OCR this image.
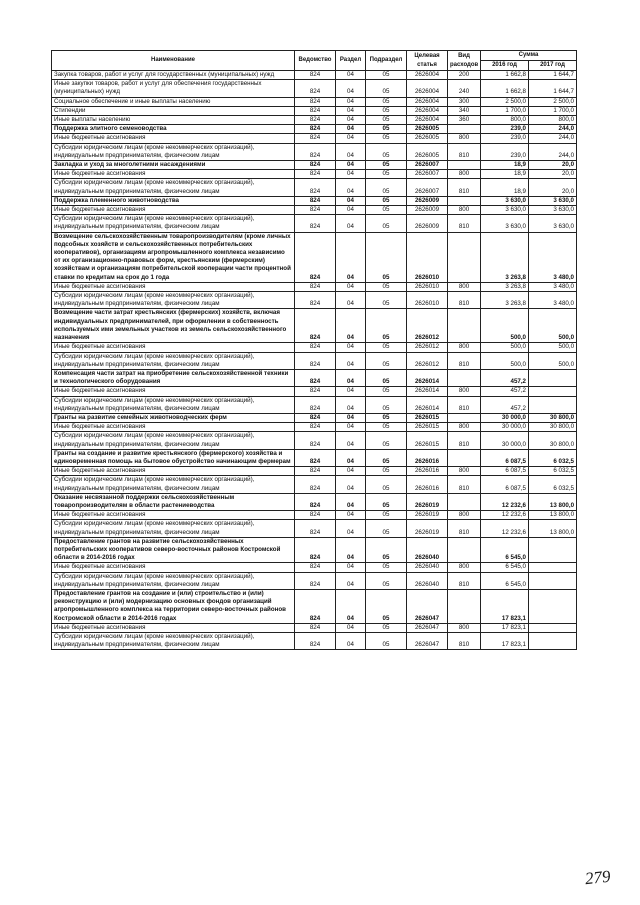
Наименование	Ведомство	Раздел	Подраздел	Целевая статья	Вид расходов	Сумма	
						2016 год	2017 год
Закупка товаров, работ и услуг для государственных (муниципальных) нужд	824	04	05	2626004	200	1 662,8	1 644,7
Иные закупки товаров, работ и услуг для обеспечения государственных (муниципальных) нужд	824	04	05	2626004	240	1 662,8	1 644,7
Социальное обеспечение и иные выплаты населению	824	04	05	2626004	300	2 500,0	2 500,0
Стипендии	824	04	05	2626004	340	1 700,0	1 700,0
Иные выплаты населению	824	04	05	2626004	360	800,0	800,0
Поддержка элитного семеноводства	824	04	05	2626005		239,0	244,0
Иные бюджетные ассигнования	824	04	05	2626005	800	239,0	244,0
Субсидии юридическим лицам (кроме некоммерческих организаций), индивидуальным предпринимателям, физическим лицам	824	04	05	2626005	810	239,0	244,0
Закладка и уход за многолетними насаждениями	824	04	05	2626007		18,9	20,0
Иные бюджетные ассигнования	824	04	05	2626007	800	18,9	20,0
Субсидии юридическим лицам (кроме некоммерческих организаций), индивидуальным предпринимателям, физическим лицам	824	04	05	2626007	810	18,9	20,0
Поддержка племенного животноводства	824	04	05	2626009		3 630,0	3 630,0
Иные бюджетные ассигнования	824	04	05	2626009	800	3 630,0	3 630,0
Субсидии юридическим лицам (кроме некоммерческих организаций), индивидуальным предпринимателям, физическим лицам	824	04	05	2626009	810	3 630,0	3 630,0
Возмещение сельскохозяйственным товаропроизводителям (кроме личных подсобных хозяйств и сельскохозяйственных потребительских кооперативов), организациям агропромышленного комплекса независимо от их организационно-правовых форм, крестьянским (фермерским) хозяйствам и организациям потребительской кооперации части процентной ставки по кредитам на срок до 1 года	824	04	05	2626010		3 263,8	3 480,0
Иные бюджетные ассигнования	824	04	05	2626010	800	3 263,8	3 480,0
Субсидии юридическим лицам (кроме некоммерческих организаций), индивидуальным предпринимателям, физическим лицам	824	04	05	2626010	810	3 263,8	3 480,0
Возмещение части затрат крестьянских (фермерских) хозяйств, включая индивидуальных предпринимателей, при оформлении в собственность используемых ими земельных участков из земель сельскохозяйственного назначения	824	04	05	2626012		500,0	500,0
Иные бюджетные ассигнования	824	04	05	2626012	800	500,0	500,0
Субсидии юридическим лицам (кроме некоммерческих организаций), индивидуальным предпринимателям, физическим лицам	824	04	05	2626012	810	500,0	500,0
Компенсация части затрат на приобретение сельскохозяйственной техники и технологического оборудования	824	04	05	2626014		457,2	
Иные бюджетные ассигнования	824	04	05	2626014	800	457,2	
Субсидии юридическим лицам (кроме некоммерческих организаций), индивидуальным предпринимателям, физическим лицам	824	04	05	2626014	810	457,2	
Гранты на развитие семейных животноводческих ферм	824	04	05	2626015		30 000,0	30 800,0
Иные бюджетные ассигнования	824	04	05	2626015	800	30 000,0	30 800,0
Субсидии юридическим лицам (кроме некоммерческих организаций), индивидуальным предпринимателям, физическим лицам	824	04	05	2626015	810	30 000,0	30 800,0
Гранты на создание и развитие крестьянского (фермерского) хозяйства и единовременная помощь на бытовое обустройство начинающим фермерам	824	04	05	2626016		6 087,5	6 032,5
Иные бюджетные ассигнования	824	04	05	2626016	800	6 087,5	6 032,5
Субсидии юридическим лицам (кроме некоммерческих организаций), индивидуальным предпринимателям, физическим лицам	824	04	05	2626016	810	6 087,5	6 032,5
Оказание несвязанной поддержки сельскохозяйственным товаропроизводителям в области растениеводства	824	04	05	2626019		12 232,6	13 800,0
Иные бюджетные ассигнования	824	04	05	2626019	800	12 232,6	13 800,0
Субсидии юридическим лицам (кроме некоммерческих организаций), индивидуальным предпринимателям, физическим лицам	824	04	05	2626019	810	12 232,6	13 800,0
Предоставление грантов на развитие сельскохозяйственных потребительских кооперативов северо-восточных районов Костромской области в 2014-2016 годах	824	04	05	2626040		6 545,0	
Иные бюджетные ассигнования	824	04	05	2626040	800	6 545,0	
Субсидии юридическим лицам (кроме некоммерческих организаций), индивидуальным предпринимателям, физическим лицам	824	04	05	2626040	810	6 545,0	
Предоставление грантов на создание и (или) строительство и (или) реконструкцию и (или) модернизацию основных фондов организаций агропромышленного комплекса на территории северо-восточных районов Костромской области в 2014-2016 годах	824	04	05	2626047		17 823,1	
Иные бюджетные ассигнования	824	04	05	2626047	800	17 823,1	
Субсидии юридическим лицам (кроме некоммерческих организаций), индивидуальным предпринимателям, физическим лицам	824	04	05	2626047	810	17 823,1	
279
